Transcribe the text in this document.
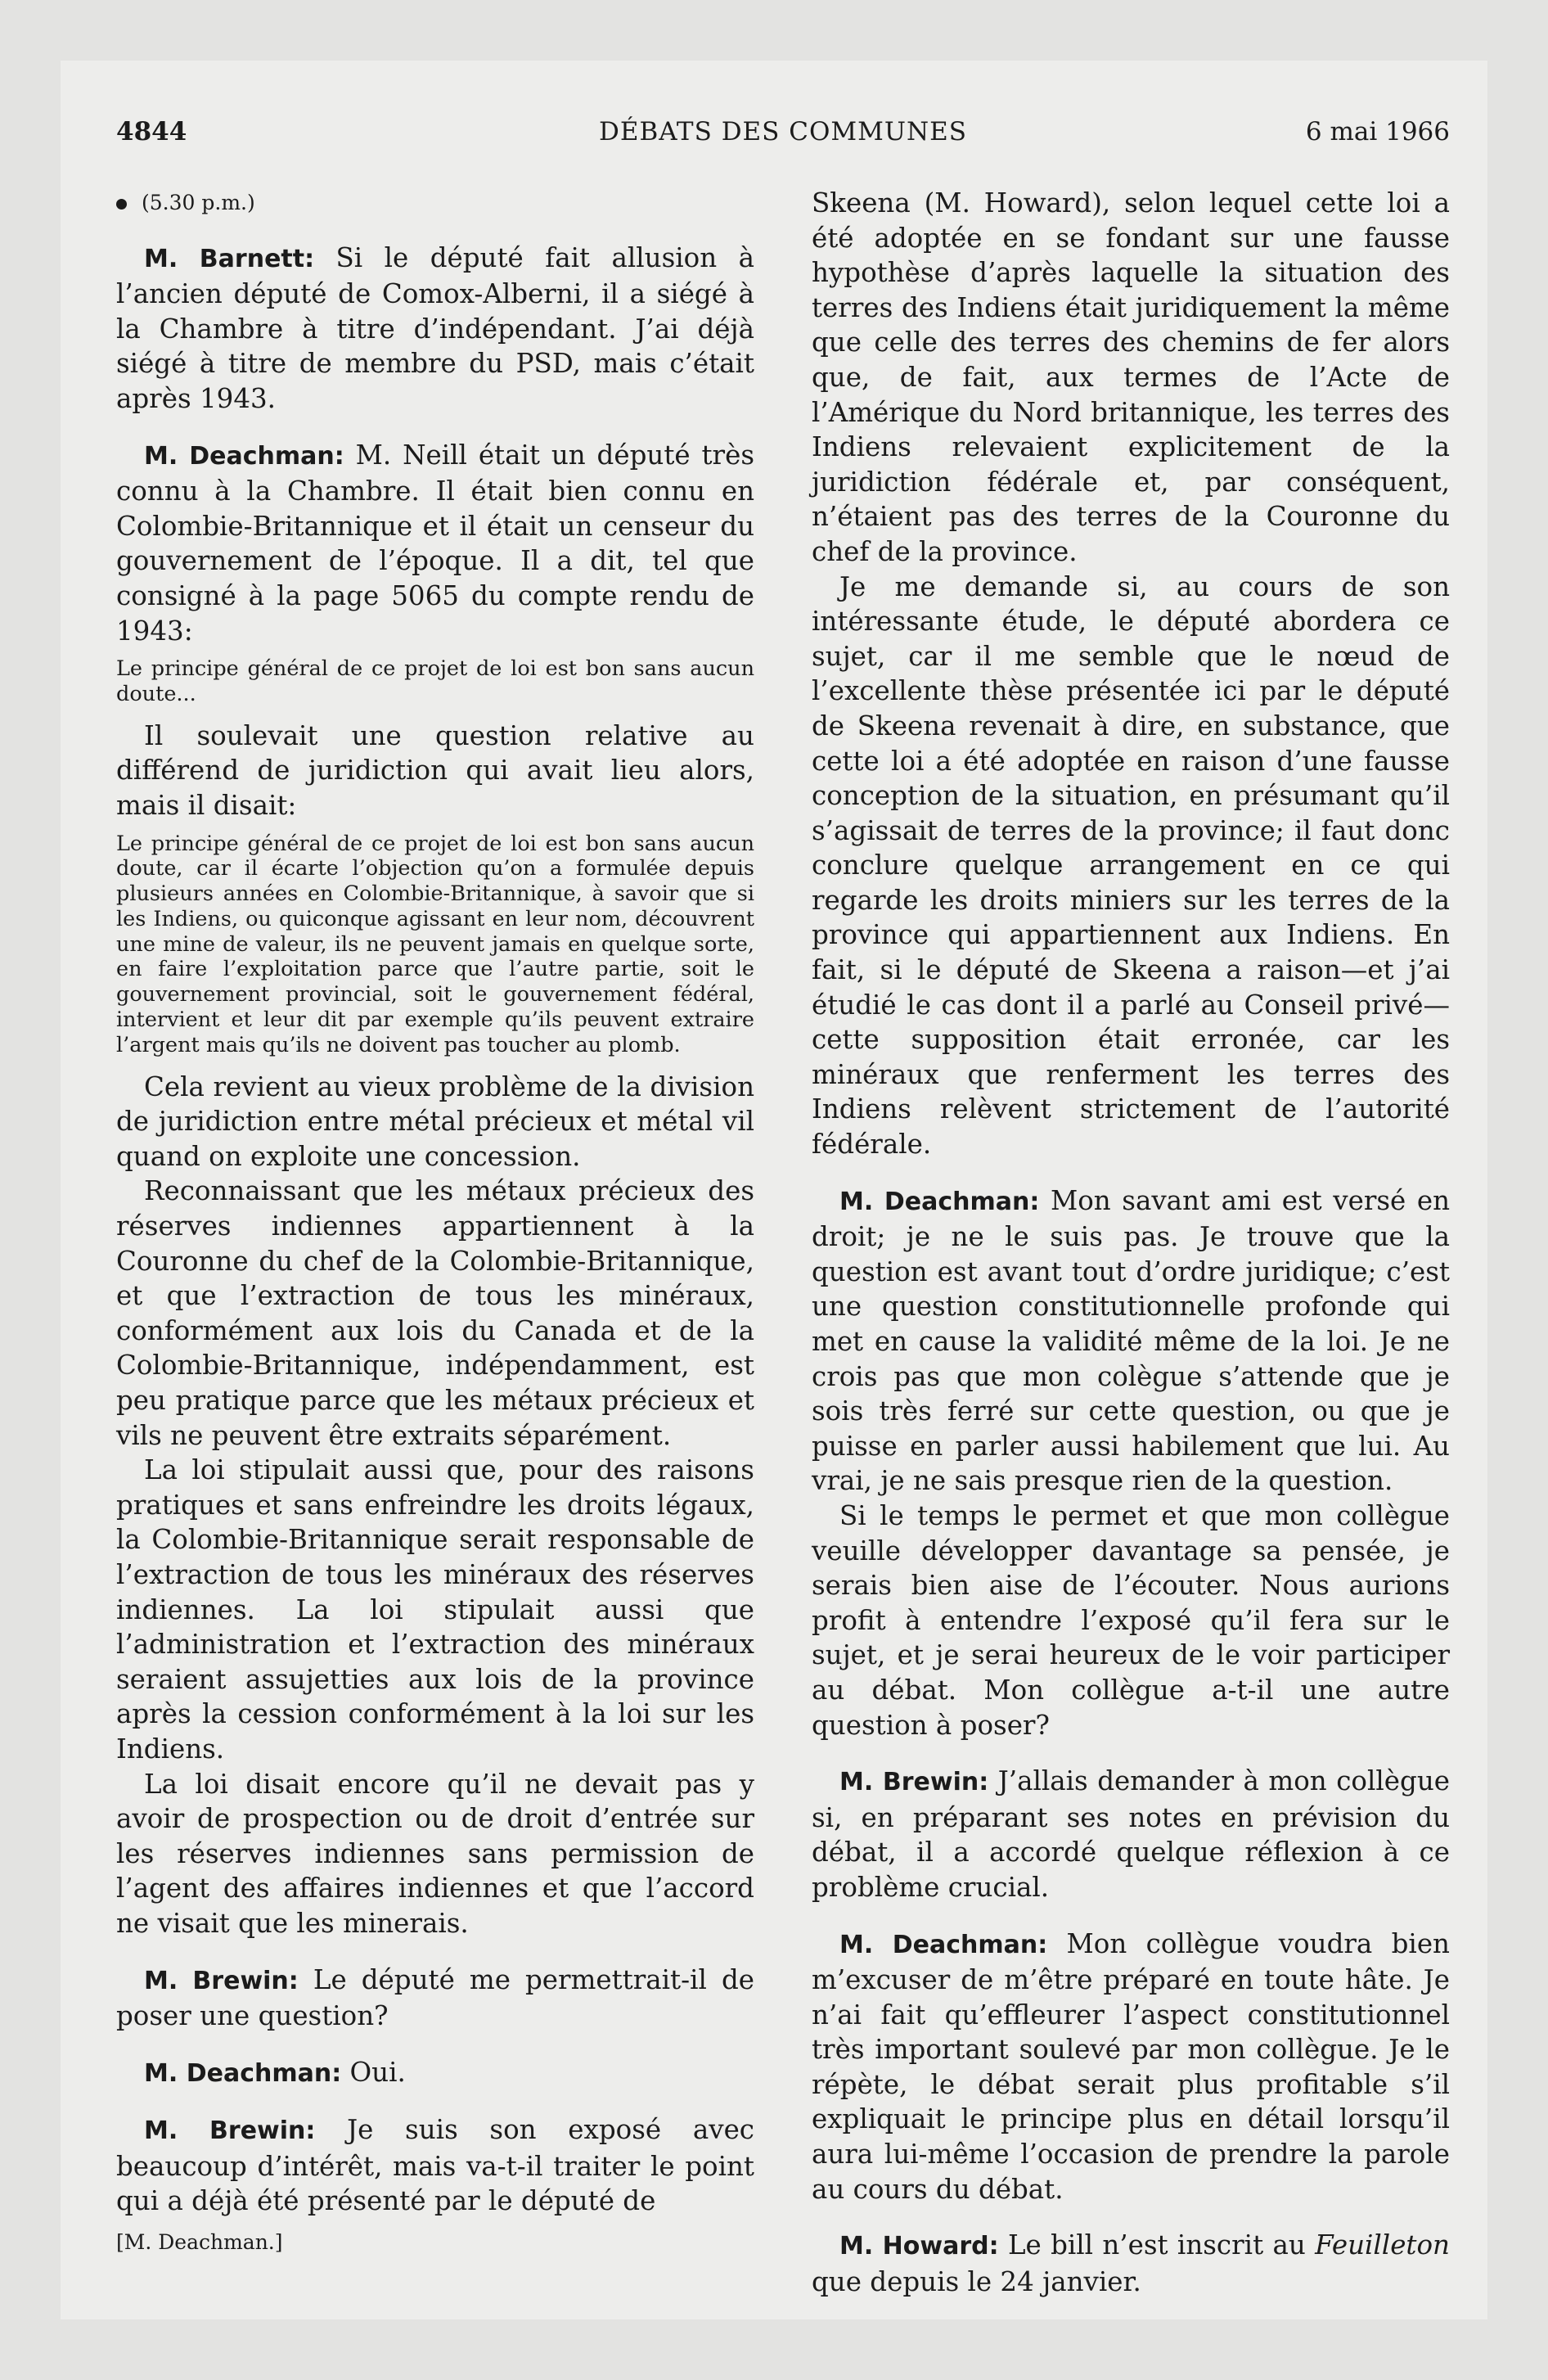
4844	DÉBATS DES COMMUNES	6 mai 1966
(5.30 p.m.)

M. Barnett: Si le député fait allusion à l’ancien député de Comox-Alberni, il a siégé à la Chambre à titre d’indépendant. J’ai déjà siégé à titre de membre du PSD, mais c’était après 1943.

M. Deachman: M. Neill était un député très connu à la Chambre. Il était bien connu en Colombie-Britannique et il était un censeur du gouvernement de l’époque. Il a dit, tel que consigné à la page 5065 du compte rendu de 1943:

Le principe général de ce projet de loi est bon sans aucun doute...

Il soulevait une question relative au différend de juridiction qui avait lieu alors, mais il disait:

Le principe général de ce projet de loi est bon sans aucun doute, car il écarte l’objection qu’on a formulée depuis plusieurs années en Colombie-Britannique, à savoir que si les Indiens, ou quiconque agissant en leur nom, découvrent une mine de valeur, ils ne peuvent jamais en quelque sorte, en faire l’exploitation parce que l’autre partie, soit le gouvernement provincial, soit le gouvernement fédéral, intervient et leur dit par exemple qu’ils peuvent extraire l’argent mais qu’ils ne doivent pas toucher au plomb.

Cela revient au vieux problème de la division de juridiction entre métal précieux et métal vil quand on exploite une concession.

Reconnaissant que les métaux précieux des réserves indiennes appartiennent à la Couronne du chef de la Colombie-Britannique, et que l’extraction de tous les minéraux, conformément aux lois du Canada et de la Colombie-Britannique, indépendamment, est peu pratique parce que les métaux précieux et vils ne peuvent être extraits séparément.

La loi stipulait aussi que, pour des raisons pratiques et sans enfreindre les droits légaux, la Colombie-Britannique serait responsable de l’extraction de tous les minéraux des réserves indiennes. La loi stipulait aussi que l’administration et l’extraction des minéraux seraient assujetties aux lois de la province après la cession conformément à la loi sur les Indiens.

La loi disait encore qu’il ne devait pas y avoir de prospection ou de droit d’entrée sur les réserves indiennes sans permission de l’agent des affaires indiennes et que l’accord ne visait que les minerais.

M. Brewin: Le député me permettrait-il de poser une question?

M. Deachman: Oui.

M. Brewin: Je suis son exposé avec beaucoup d’intérêt, mais va-t-il traiter le point qui a déjà été présenté par le député de

[M. Deachman.]

Skeena (M. Howard), selon lequel cette loi a été adoptée en se fondant sur une fausse hypothèse d’après laquelle la situation des terres des Indiens était juridiquement la même que celle des terres des chemins de fer alors que, de fait, aux termes de l’Acte de l’Amérique du Nord britannique, les terres des Indiens relevaient explicitement de la juridiction fédérale et, par conséquent, n’étaient pas des terres de la Couronne du chef de la province.

Je me demande si, au cours de son intéressante étude, le député abordera ce sujet, car il me semble que le nœud de l’excellente thèse présentée ici par le député de Skeena revenait à dire, en substance, que cette loi a été adoptée en raison d’une fausse conception de la situation, en présumant qu’il s’agissait de terres de la province; il faut donc conclure quelque arrangement en ce qui regarde les droits miniers sur les terres de la province qui appartiennent aux Indiens. En fait, si le député de Skeena a raison—et j’ai étudié le cas dont il a parlé au Conseil privé—cette supposition était erronée, car les minéraux que renferment les terres des Indiens relèvent strictement de l’autorité fédérale.

M. Deachman: Mon savant ami est versé en droit; je ne le suis pas. Je trouve que la question est avant tout d’ordre juridique; c’est une question constitutionnelle profonde qui met en cause la validité même de la loi. Je ne crois pas que mon colègue s’attende que je sois très ferré sur cette question, ou que je puisse en parler aussi habilement que lui. Au vrai, je ne sais presque rien de la question.

Si le temps le permet et que mon collègue veuille développer davantage sa pensée, je serais bien aise de l’écouter. Nous aurions profit à entendre l’exposé qu’il fera sur le sujet, et je serai heureux de le voir participer au débat. Mon collègue a-t-il une autre question à poser?

M. Brewin: J’allais demander à mon collègue si, en préparant ses notes en prévision du débat, il a accordé quelque réflexion à ce problème crucial.

M. Deachman: Mon collègue voudra bien m’excuser de m’être préparé en toute hâte. Je n’ai fait qu’effleurer l’aspect constitutionnel très important soulevé par mon collègue. Je le répète, le débat serait plus profitable s’il expliquait le principe plus en détail lorsqu’il aura lui-même l’occasion de prendre la parole au cours du débat.

M. Howard: Le bill n’est inscrit au Feuilleton que depuis le 24 janvier.
